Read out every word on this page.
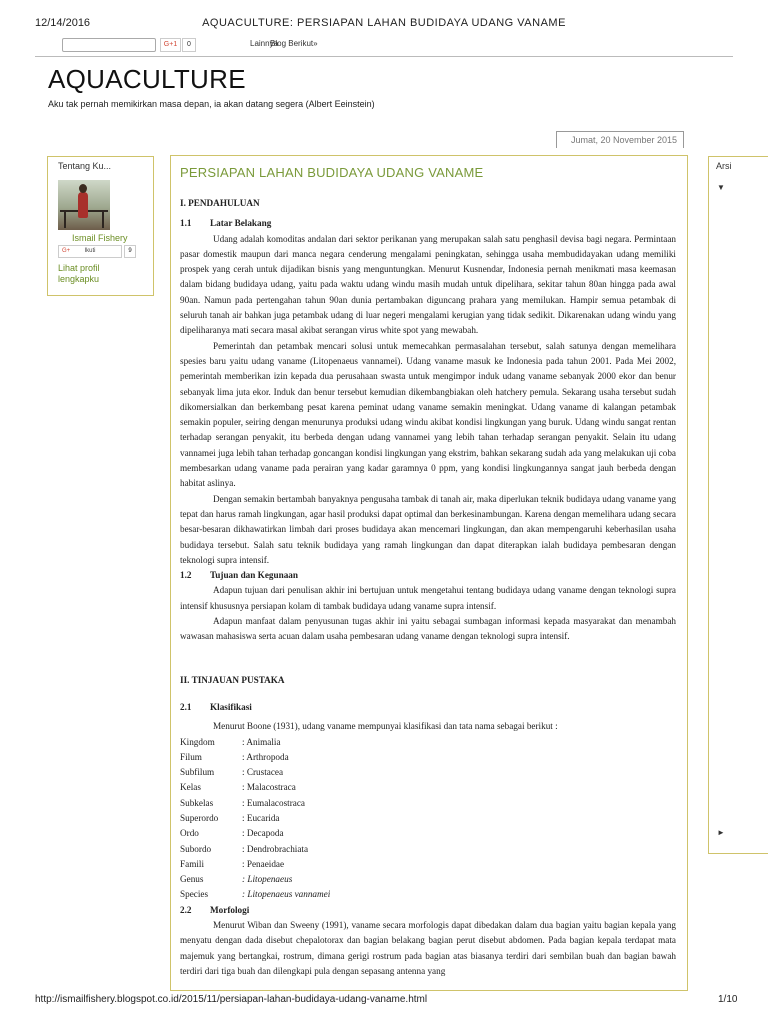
12/14/2016	AQUACULTURE: PERSIAPAN LAHAN BUDIDAYA UDANG VANAME
G+1	0	Lainnya
Blog Berikut»
AQUACULTURE
Aku tak pernah memikirkan masa depan, ia akan datang segera (Albert Eeinstein)
Jumat, 20 November 2015
Tentang Ku...
Ismail Fishery
G+ Ikuti	9
Lihat profil lengkapku
PERSIAPAN LAHAN BUDIDAYA UDANG VANAME

I. PENDAHULUAN

1.1 Latar Belakang

Udang adalah komoditas andalan dari sektor perikanan yang merupakan salah satu penghasil devisa bagi negara. Permintaan pasar domestik maupun dari manca negara cenderung mengalami peningkatan, sehingga usaha membudidayakan udang memiliki prospek yang cerah untuk dijadikan bisnis yang menguntungkan. Menurut Kusnendar, Indonesia pernah menikmati masa keemasan dalam bidang budidaya udang, yaitu pada waktu udang windu masih mudah untuk dipelihara, sekitar tahun 80an hingga pada awal 90an. Namun pada pertengahan tahun 90an dunia pertambakan diguncang prahara yang memilukan. Hampir semua petambak di seluruh tanah air bahkan juga petambak udang di luar negeri mengalami kerugian yang tidak sedikit. Dikarenakan udang windu yang dipeliharanya mati secara masal akibat serangan virus white spot yang mewabah.

Pemerintah dan petambak mencari solusi untuk memecahkan permasalahan tersebut, salah satunya dengan memelihara spesies baru yaitu udang vaname (Litopenaeus vannamei). Udang vaname masuk ke Indonesia pada tahun 2001. Pada Mei 2002, pemerintah memberikan izin kepada dua perusahaan swasta untuk mengimpor induk udang vaname sebanyak 2000 ekor dan benur sebanyak lima juta ekor. Induk dan benur tersebut kemudian dikembangbiakan oleh hatchery pemula. Sekarang usaha tersebut sudah dikomersialkan dan berkembang pesat karena peminat udang vaname semakin meningkat. Udang vaname di kalangan petambak semakin populer, seiring dengan menurunya produksi udang windu akibat kondisi lingkungan yang buruk. Udang windu sangat rentan terhadap serangan penyakit, itu berbeda dengan udang vannamei yang lebih tahan terhadap serangan penyakit. Selain itu udang vannamei juga lebih tahan terhadap goncangan kondisi lingkungan yang ekstrim, bahkan sekarang sudah ada yang melakukan uji coba membesarkan udang vaname pada perairan yang kadar garamnya 0 ppm, yang kondisi lingkungannya sangat jauh berbeda dengan habitat aslinya.

Dengan semakin bertambah banyaknya pengusaha tambak di tanah air, maka diperlukan teknik budidaya udang vaname yang tepat dan harus ramah lingkungan, agar hasil produksi dapat optimal dan berkesinambungan. Karena dengan memelihara udang secara besar-besaran dikhawatirkan limbah dari proses budidaya akan mencemari lingkungan, dan akan mempengaruhi keberhasilan usaha budidaya tersebut. Salah satu teknik budidaya yang ramah lingkungan dan dapat diterapkan ialah budidaya pembesaran dengan teknologi supra intensif.

1.2 Tujuan dan Kegunaan

Adapun tujuan dari penulisan akhir ini bertujuan untuk mengetahui tentang budidaya udang vaname dengan teknologi supra intensif khususnya persiapan kolam di tambak budidaya udang vaname supra intensif.

Adapun manfaat dalam penyusunan tugas akhir ini yaitu sebagai sumbagan informasi kepada masyarakat dan menambah wawasan mahasiswa serta acuan dalam usaha pembesaran udang vaname dengan teknologi supra intensif.

II. TINJAUAN PUSTAKA

2.1 Klasifikasi

Menurut Boone (1931), udang vaname mempunyai klasifikasi dan tata nama sebagai berikut :

Kingdom	: Animalia
Filum	: Arthropoda
Subfilum	: Crustacea
Kelas	: Malacostraca
Subkelas	: Eumalacostraca
Superordo	: Eucarida
Ordo	: Decapoda
Subordo	: Dendrobrachiata
Famili	: Penaeidae
Genus	: Litopenaeus
Species	: Litopenaeus vannamei

2.2 Morfologi

Menurut Wiban dan Sweeny (1991), vaname secara morfologis dapat dibedakan dalam dua bagian yaitu bagian kepala yang menyatu dengan dada disebut chepalotorax dan bagian belakang bagian perut disebut abdomen. Pada bagian kepala terdapat mata majemuk yang bertangkai, rostrum, dimana gerigi rostrum pada bagian atas biasanya terdiri dari sembilan buah dan bagian bawah terdiri dari tiga buah dan dilengkapi pula dengan sepasang antenna yang

Arsi
▼
►
http://ismailfishery.blogspot.co.id/2015/11/persiapan-lahan-budidaya-udang-vaname.html	1/10
